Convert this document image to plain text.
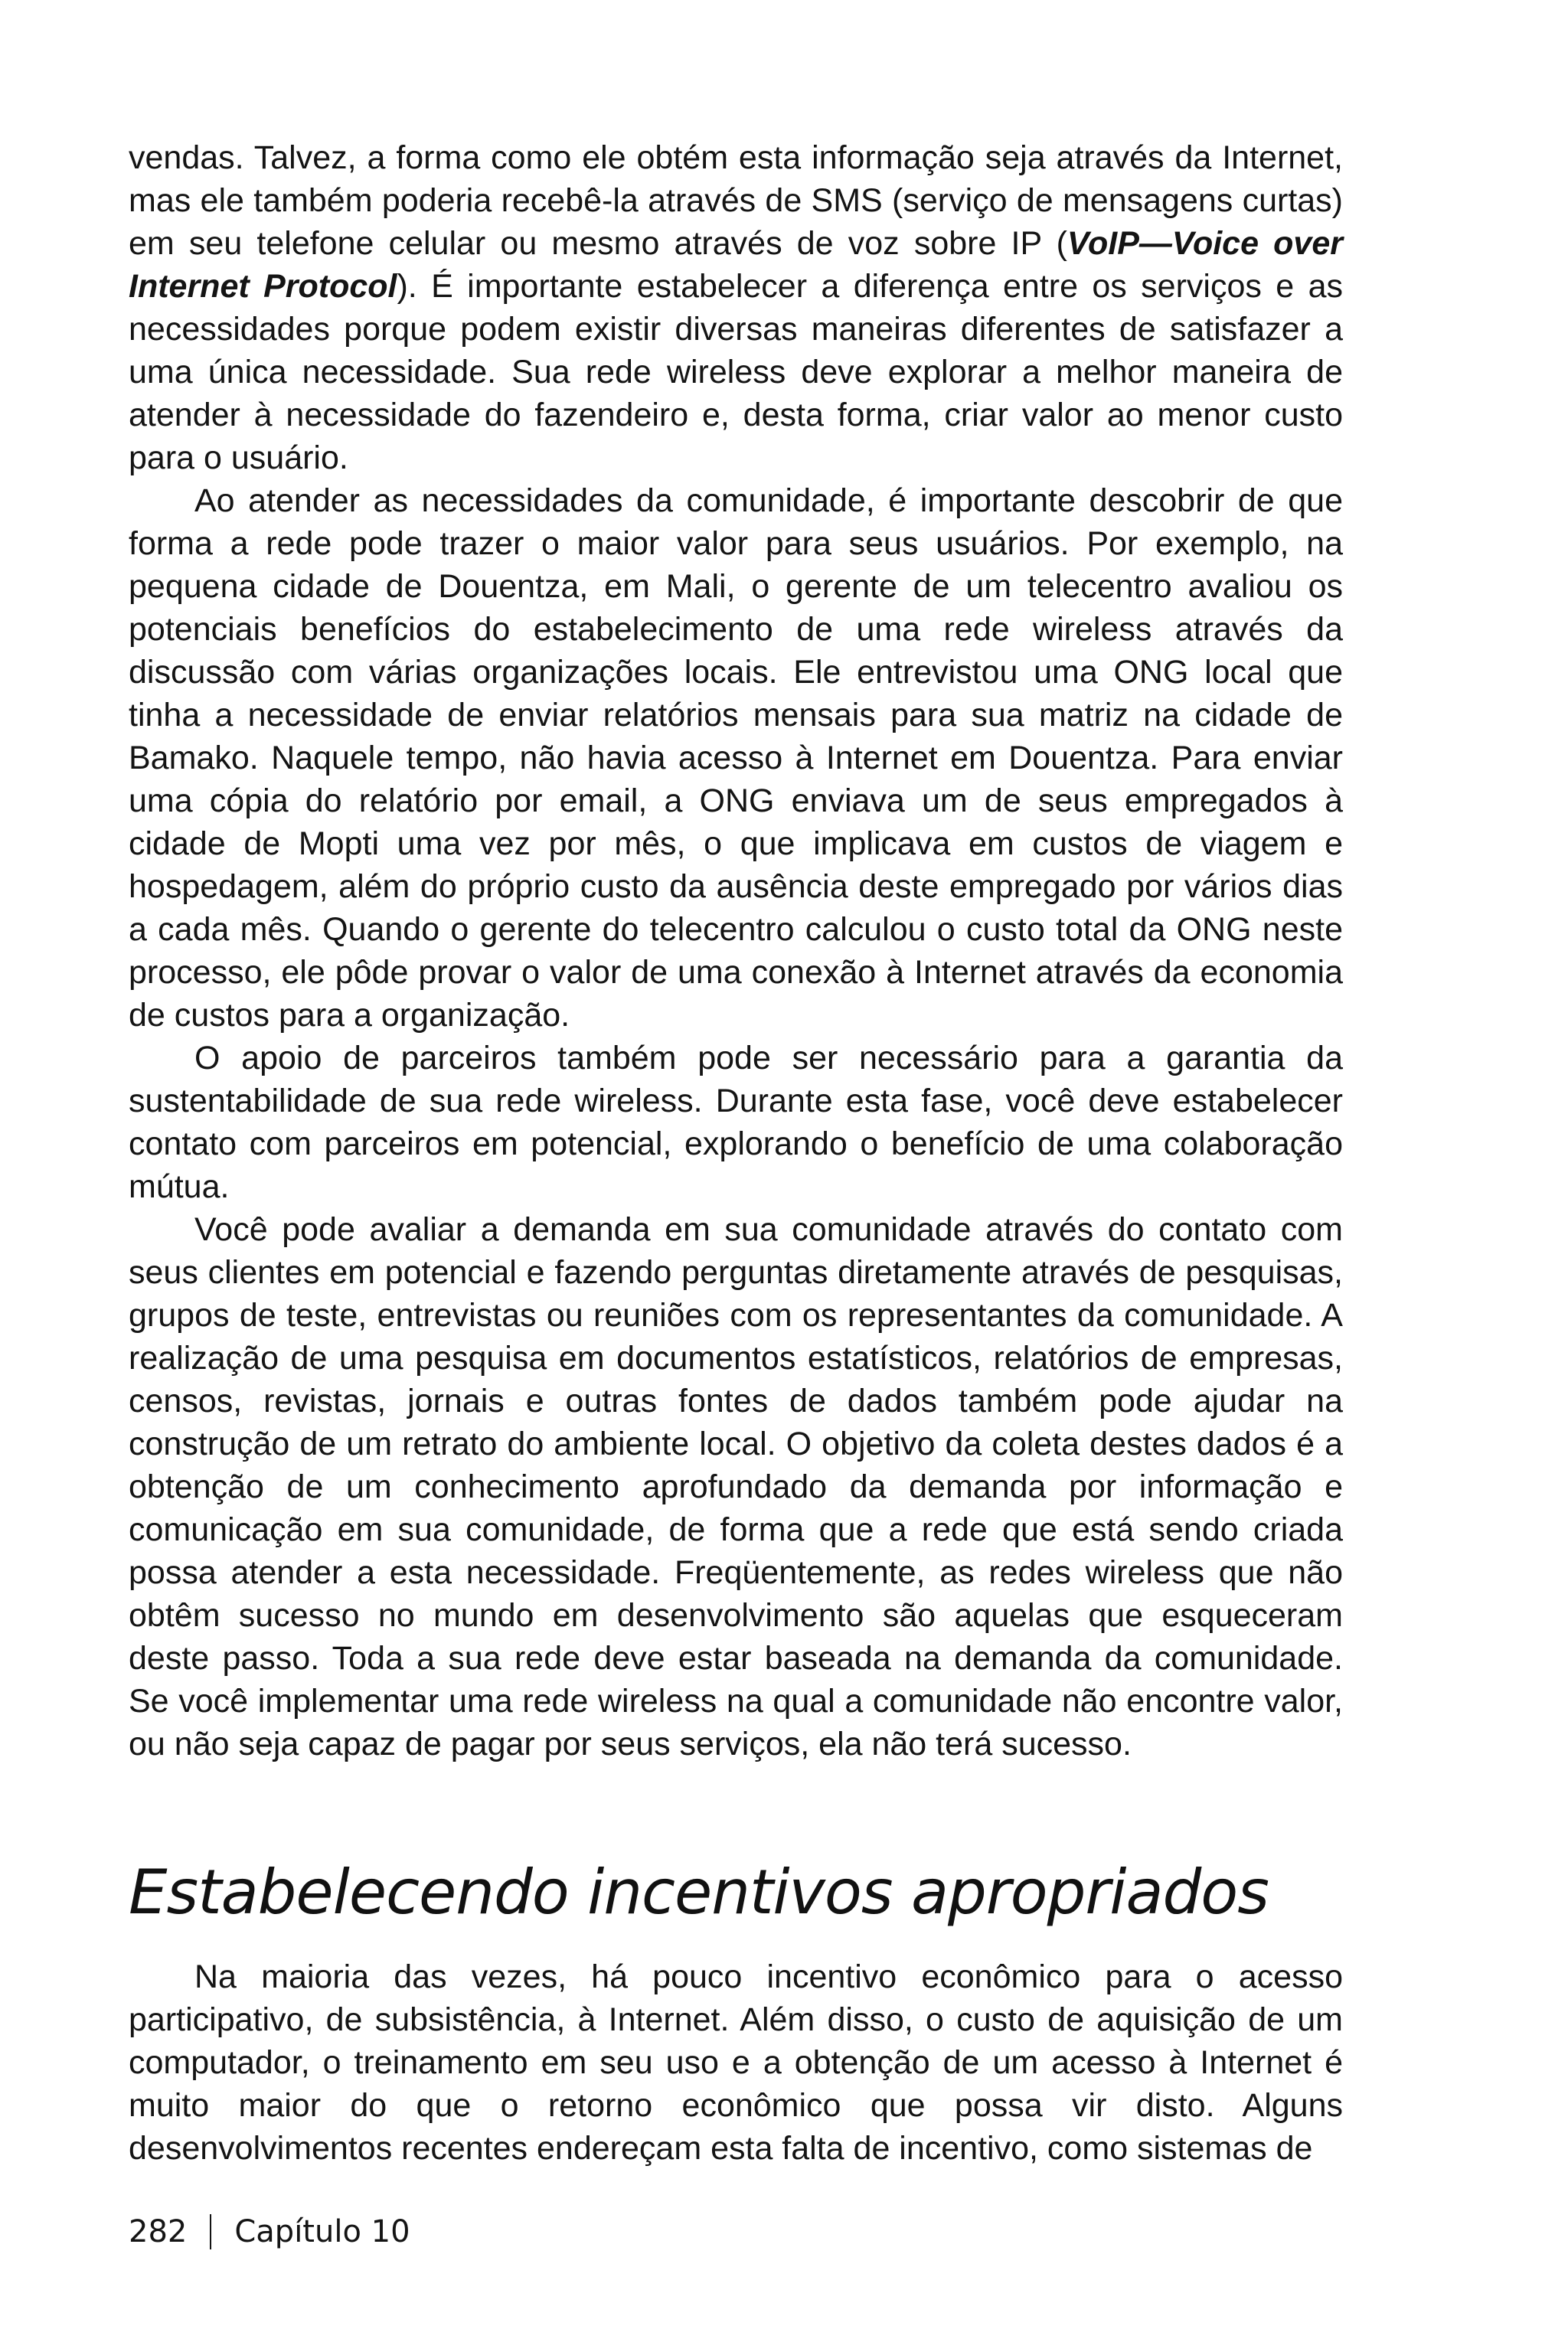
vendas. Talvez, a forma como ele obtém esta informação seja através da Internet, mas ele também poderia recebê-la através de SMS (serviço de mensagens curtas) em seu telefone celular ou mesmo através de voz sobre IP (VoIP—Voice over Internet Protocol). É importante estabelecer a diferença entre os serviços e as necessidades porque podem existir diversas maneiras diferentes de satisfazer a uma única necessidade. Sua rede wireless deve explorar a melhor maneira de atender à necessidade do fazendeiro e, desta forma, criar valor ao menor custo para o usuário.

Ao atender as necessidades da comunidade, é importante descobrir de que forma a rede pode trazer o maior valor para seus usuários. Por exemplo, na pequena cidade de Douentza, em Mali, o gerente de um telecentro avaliou os potenciais benefícios do estabelecimento de uma rede wireless através da discussão com várias organizações locais. Ele entrevistou uma ONG local que tinha a necessidade de enviar relatórios mensais para sua matriz na cidade de Bamako. Naquele tempo, não havia acesso à Internet em Douentza. Para enviar uma cópia do relatório por email, a ONG enviava um de seus empregados à cidade de Mopti uma vez por mês, o que implicava em custos de viagem e hospedagem, além do próprio custo da ausência deste empregado por vários dias a cada mês. Quando o gerente do telecentro calculou o custo total da ONG neste processo, ele pôde provar o valor de uma conexão à Internet através da economia de custos para a organização.

O apoio de parceiros também pode ser necessário para a garantia da sustentabilidade de sua rede wireless. Durante esta fase, você deve estabelecer contato com parceiros em potencial, explorando o benefício de uma colaboração mútua.

Você pode avaliar a demanda em sua comunidade através do contato com seus clientes em potencial e fazendo perguntas diretamente através de pesquisas, grupos de teste, entrevistas ou reuniões com os representantes da comunidade. A realização de uma pesquisa em documentos estatísticos, relatórios de empresas, censos, revistas, jornais e outras fontes de dados também pode ajudar na construção de um retrato do ambiente local. O objetivo da coleta destes dados é a obtenção de um conhecimento aprofundado da demanda por informação e comunicação em sua comunidade, de forma que a rede que está sendo criada possa atender a esta necessidade. Freqüentemente, as redes wireless que não obtêm sucesso no mundo em desenvolvimento são aquelas que esqueceram deste passo. Toda a sua rede deve estar baseada na demanda da comunidade. Se você implementar uma rede wireless na qual a comunidade não encontre valor, ou não seja capaz de pagar por seus serviços, ela não terá sucesso.

Estabelecendo incentivos apropriados

Na maioria das vezes, há pouco incentivo econômico para o acesso participativo, de subsistência, à Internet. Além disso, o custo de aquisição de um computador, o treinamento em seu uso e a obtenção de um acesso à Internet é muito maior do que o retorno econômico que possa vir disto. Alguns desenvolvimentos recentes endereçam esta falta de incentivo, como sistemas de

282 Capítulo 10
